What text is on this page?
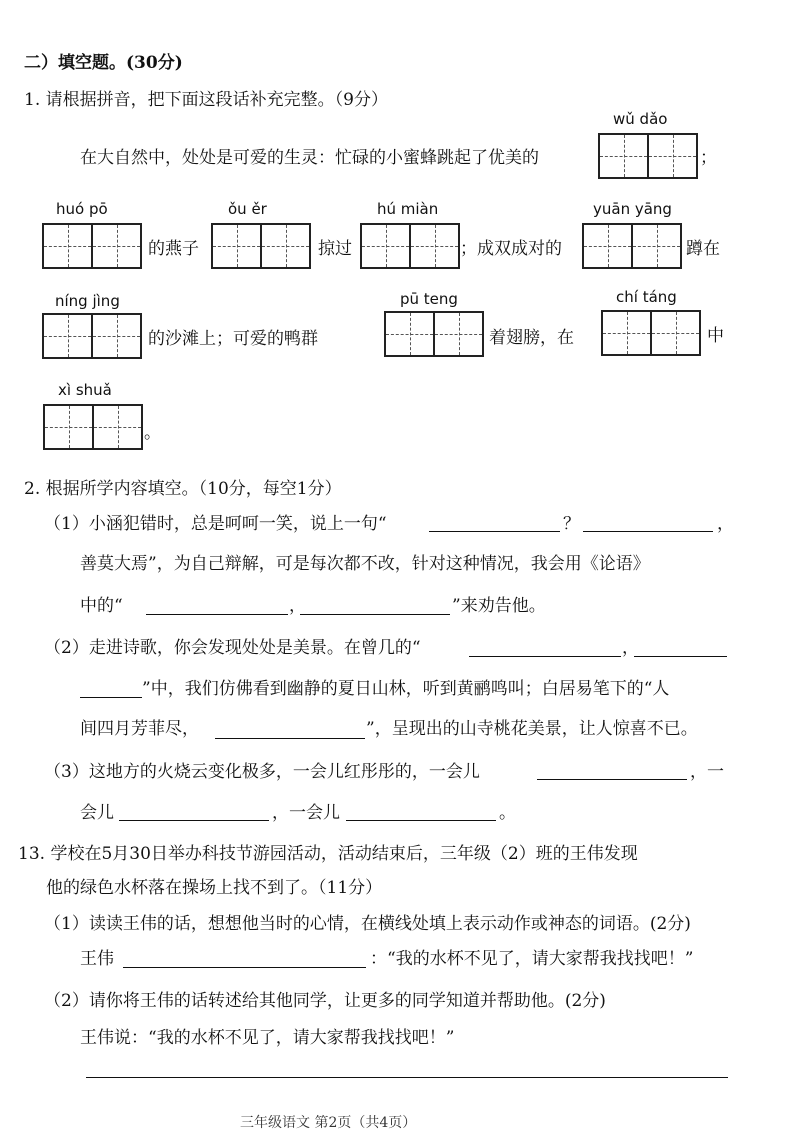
二）填空题。(30分)
1. 请根据拼音，把下面这段话补充完整。（9分）
wǔ dǎo
在大自然中，处处是可爱的生灵：忙碌的小蜜蜂跳起了优美的	；
huó pō
的燕子
ǒu ěr
掠过
hú miàn
；成双成对的
yuān yāng
蹲在
níng jìng
的沙滩上；可爱的鸭群
pū teng
着翅膀，在
chí táng
中
xì shuǎ
。
2. 根据所学内容填空。（10分，每空1分）
（1）小涵犯错时，总是呵呵一笑，说上一句“	？	，
善莫大焉”，为自己辩解，可是每次都不改，针对这种情况，我会用《论语》
中的“	，	”来劝告他。
（2）走进诗歌，你会发现处处是美景。在曾几的“	，
”中，我们仿佛看到幽静的夏日山林，听到黄鹂鸣叫；白居易笔下的“人
间四月芳菲尽，	”，呈现出的山寺桃花美景，让人惊喜不已。
（3）这地方的火烧云变化极多，一会儿红彤彤的，一会儿	，一
会儿	，一会儿	。
13. 学校在5月30日举办科技节游园活动，活动结束后，三年级（2）班的王伟发现
他的绿色水杯落在操场上找不到了。（11分）
（1）读读王伟的话，想想他当时的心情，在横线处填上表示动作或神态的词语。(2分)
王伟	：“我的水杯不见了，请大家帮我找找吧！”
（2）请你将王伟的话转述给其他同学，让更多的同学知道并帮助他。(2分)
王伟说：“我的水杯不见了，请大家帮我找找吧！”
三年级语文 第2页（共4页）
